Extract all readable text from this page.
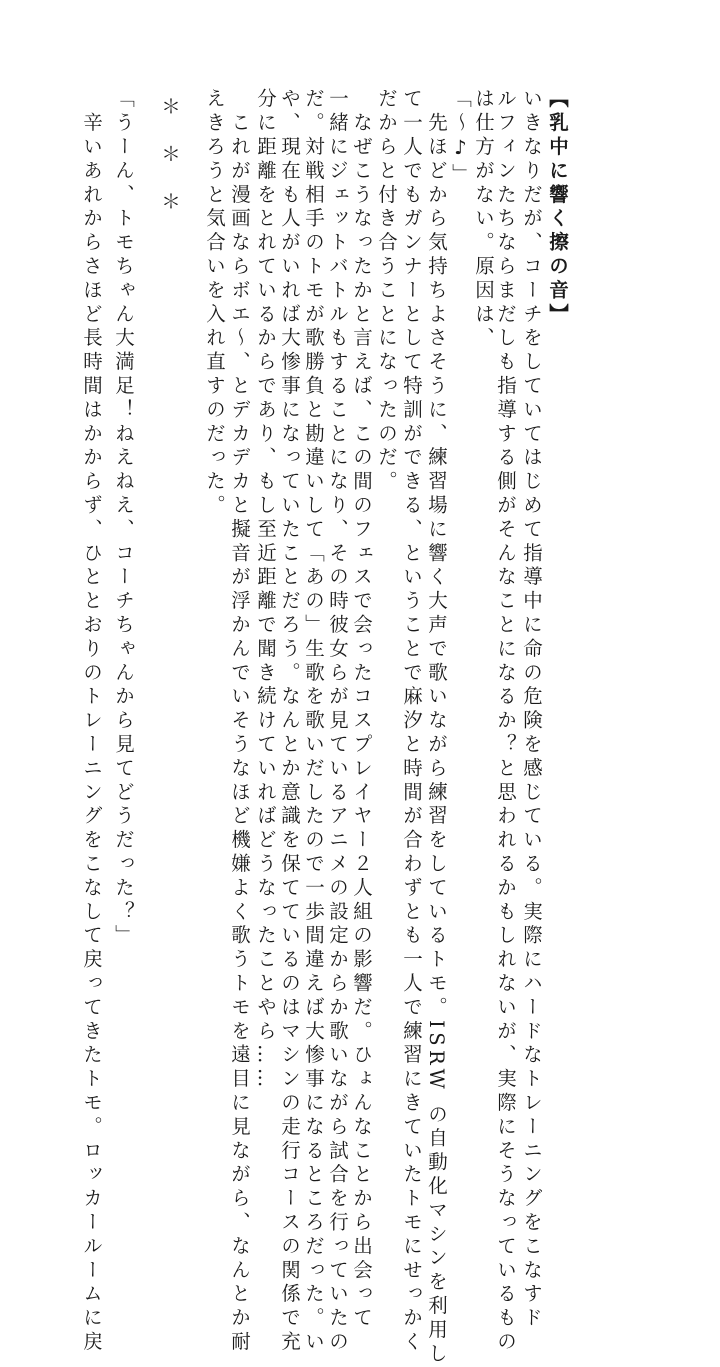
【乳中に響く擦の音】
いきなりだが、コーチをしていてはじめて指導中に命の危険を感じている。実際にハードなトレーニングをこなすド
ルフィンたちならまだしも指導する側がそんなことになるか？と思われるかもしれないが、実際にそうなっているもの
は仕方がない。原因は、
「～♪」
　先ほどから気持ちよさそうに、練習場に響く大声で歌いながら練習をしているトモ。ISRW の自動化マシンを利用し
て一人でもガンナーとして特訓ができる、ということで麻汐と時間が合わずとも一人で練習にきていたトモにせっかく
だからと付き合うことになったのだ。
　なぜこうなったかと言えば、この間のフェスで会ったコスプレイヤー２人組の影響だ。ひょんなことから出会って
一緒にジェットバトルもすることになり、その時彼女らが見ているアニメの設定からか歌いながら試合を行っていたの
だ。対戦相手のトモが歌勝負と勘違いして「あの」生歌を歌いだしたので一歩間違えば大惨事になるところだった。い
や、現在も人がいれば大惨事になっていたことだろう。なんとか意識を保てているのはマシンの走行コースの関係で充
分に距離をとれているからであり、もし至近距離で聞き続けていればどうなったことやら……
　これが漫画ならボエ～、とデカデカと擬音が浮かんでいそうなほど機嫌よく歌うトモを遠目に見ながら、なんとか耐
えきろうと気合いを入れ直すのだった。
＊＊＊
「うーん、トモちゃん大満足！ねえねえ、コーチちゃんから見てどうだった？」
　辛いあれからさほど長時間はかからず、ひととおりのトレーニングをこなして戻ってきたトモ。ロッカールームに戻
